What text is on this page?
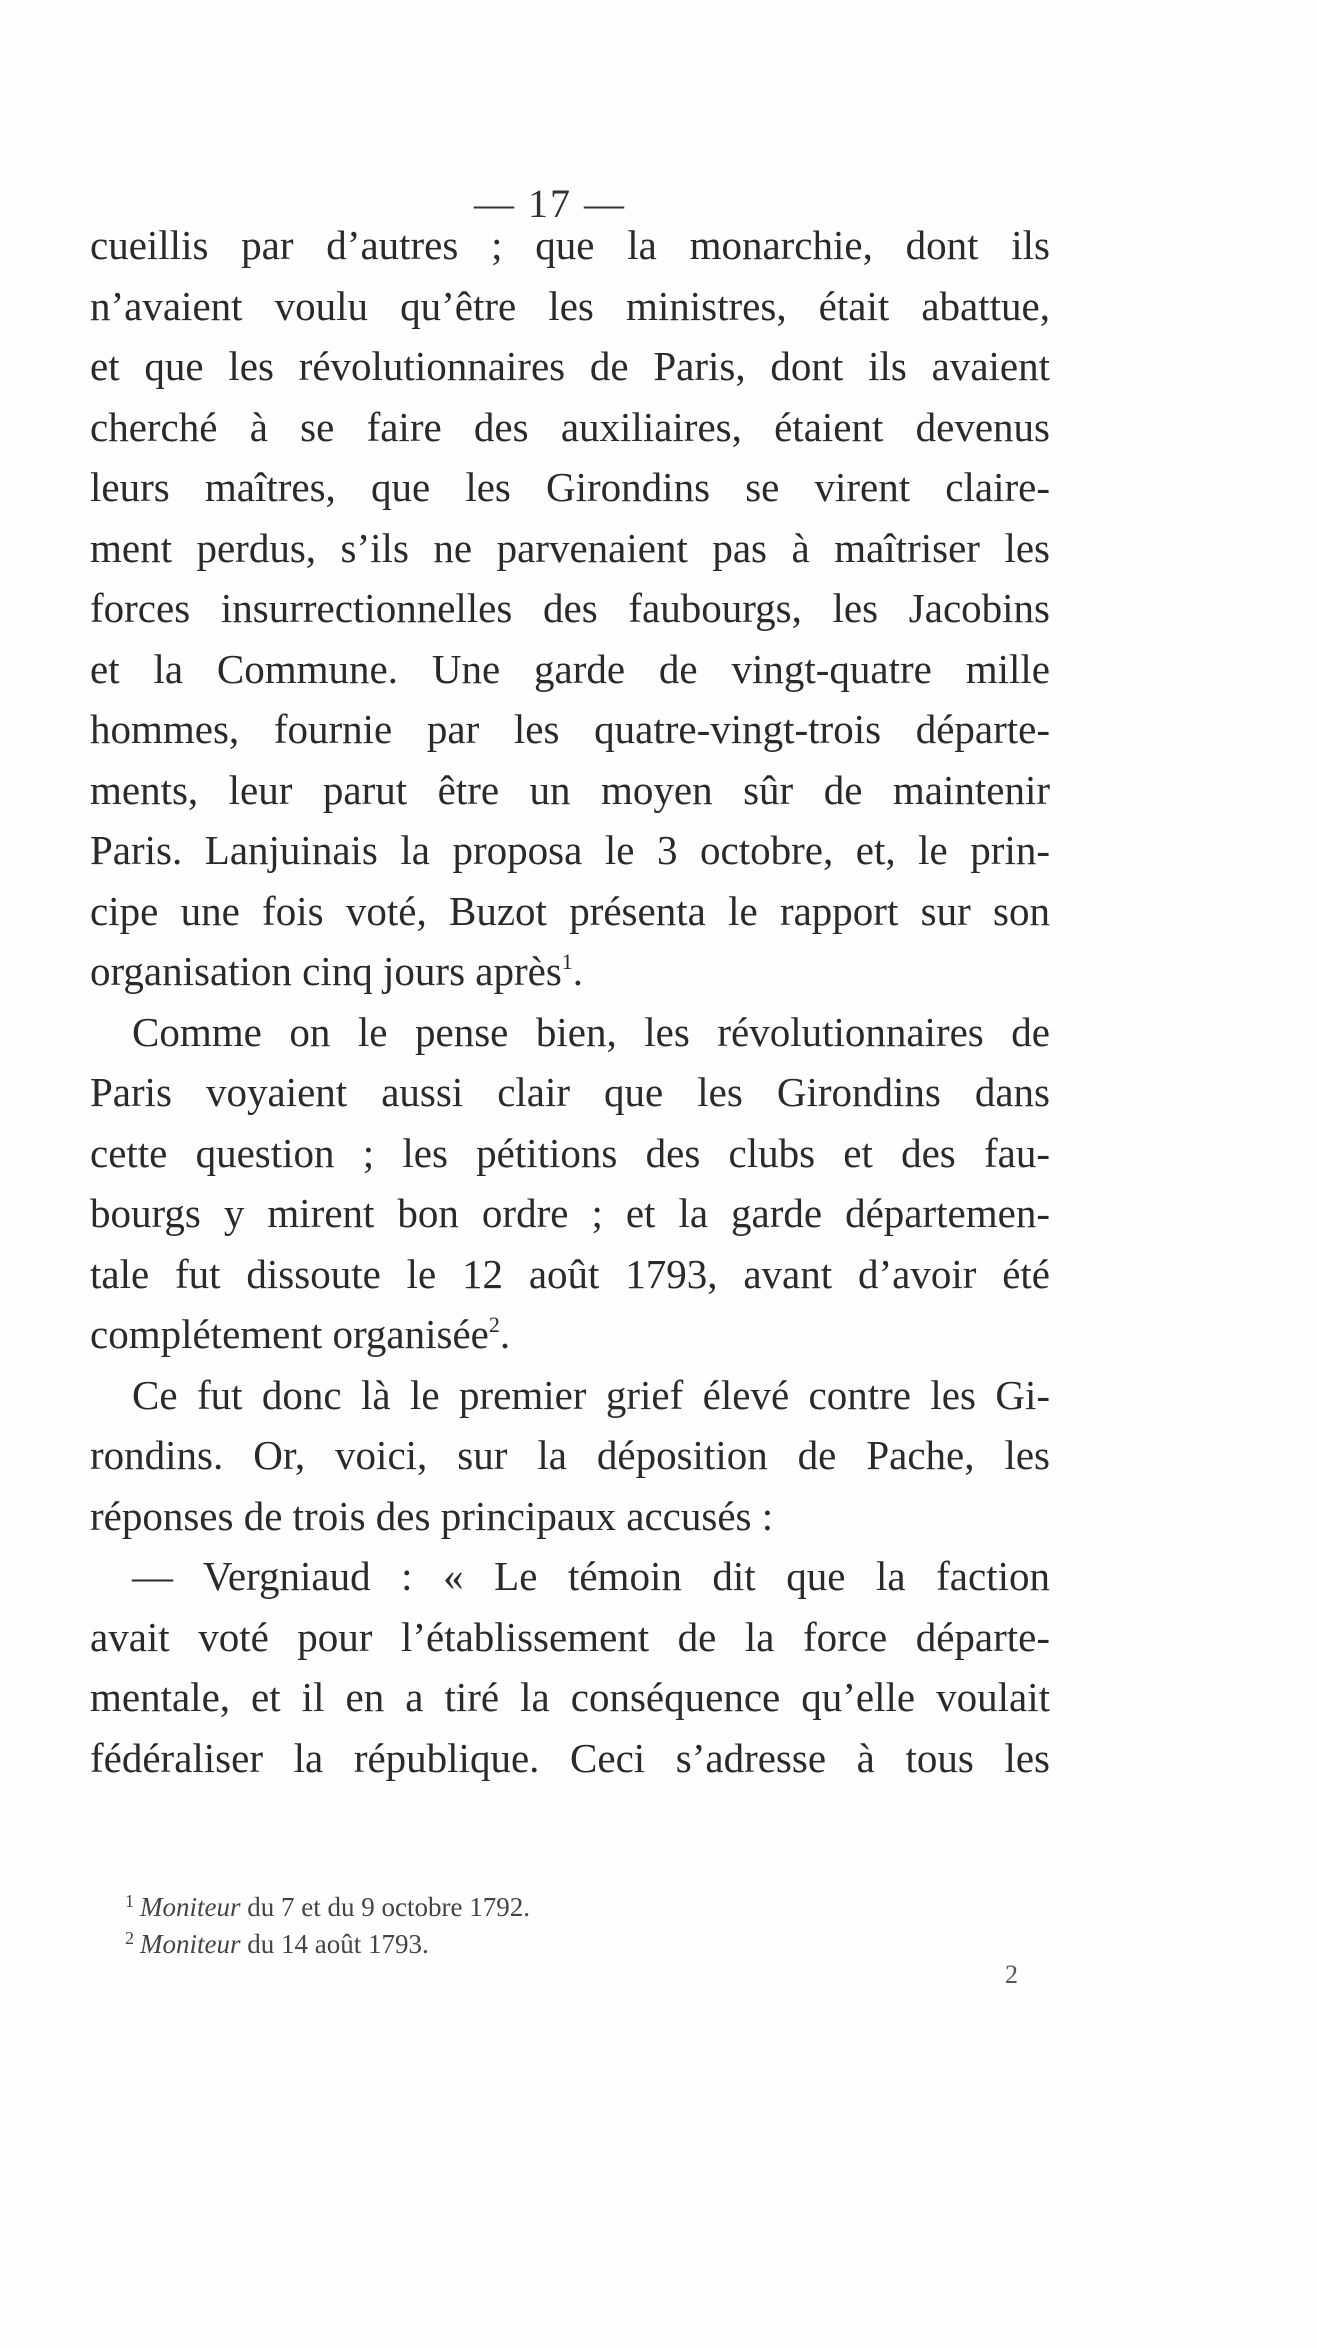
— 17 —
cueillis par d’autres ; que la monarchie, dont ils
n’avaient voulu qu’être les ministres, était abattue,
et que les révolutionnaires de Paris, dont ils avaient
cherché à se faire des auxiliaires, étaient devenus
leurs maîtres, que les Girondins se virent claire-
ment perdus, s’ils ne parvenaient pas à maîtriser les
forces insurrectionnelles des faubourgs, les Jacobins
et la Commune. Une garde de vingt-quatre mille
hommes, fournie par les quatre-vingt-trois départe-
ments, leur parut être un moyen sûr de maintenir
Paris. Lanjuinais la proposa le 3 octobre, et, le prin-
cipe une fois voté, Buzot présenta le rapport sur son
organisation cinq jours après$^1$.
Comme on le pense bien, les révolutionnaires de
Paris voyaient aussi clair que les Girondins dans
cette question ; les pétitions des clubs et des fau-
bourgs y mirent bon ordre ; et la garde départemen-
tale fut dissoute le 12 août 1793, avant d’avoir été
complétement organisée$^2$.
Ce fut donc là le premier grief élevé contre les Gi-
rondins. Or, voici, sur la déposition de Pache, les
réponses de trois des principaux accusés :
— Vergniaud : « Le témoin dit que la faction
avait voté pour l’établissement de la force départe-
mentale, et il en a tiré la conséquence qu’elle voulait
fédéraliser la république. Ceci s’adresse à tous les
$^1$ Moniteur du 7 et du 9 octobre 1792.
$^2$ Moniteur du 14 août 1793.
2
